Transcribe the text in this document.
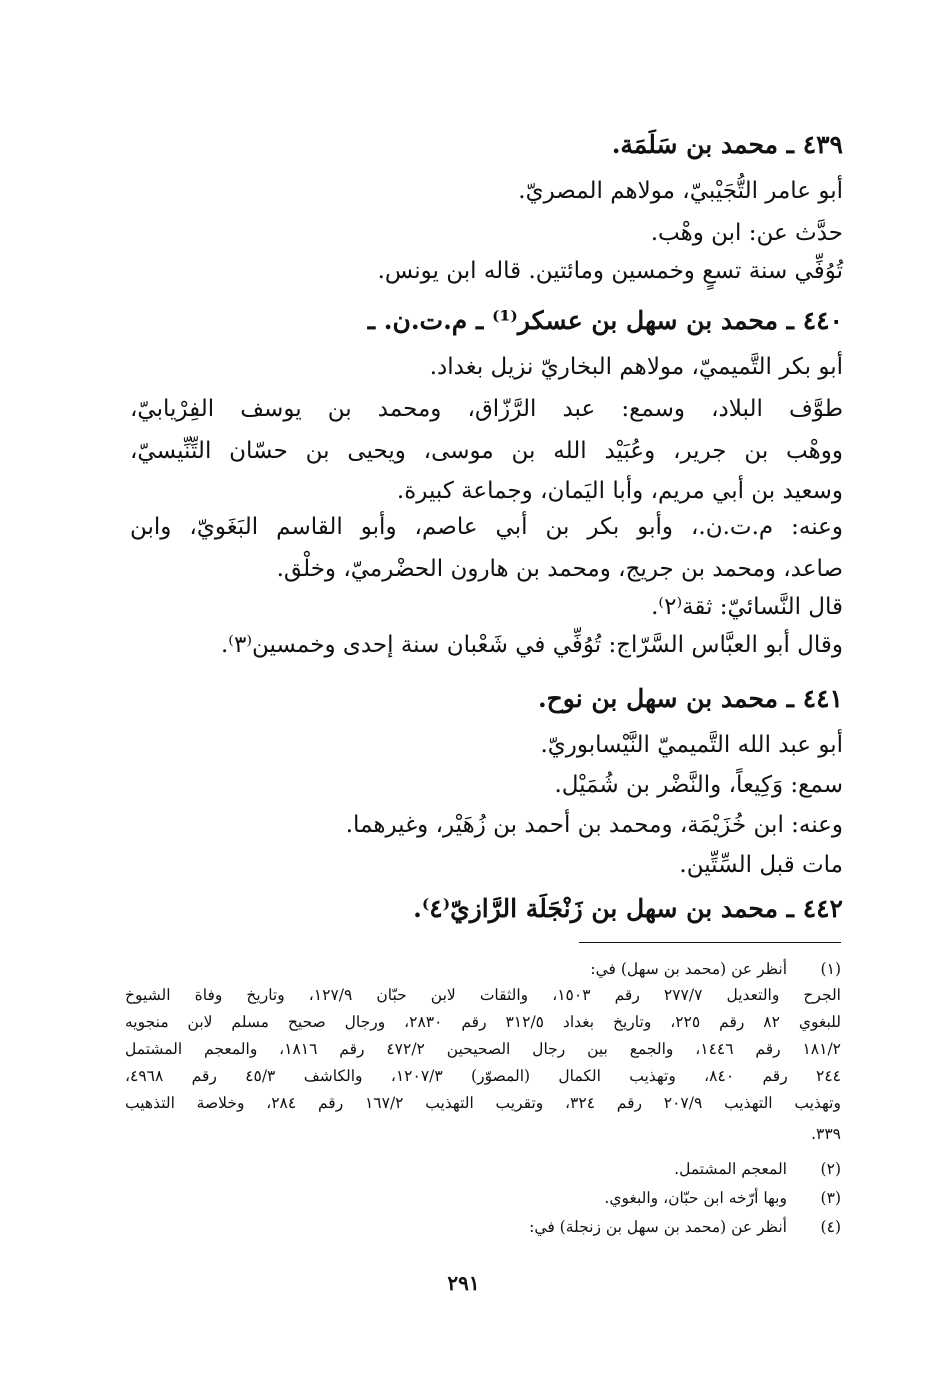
٤٣٩ ـ محمد بن سَلَمَة.
أبو عامر التُّجَيْبيّ، مولاهم المصريّ.
حدَّث عن: ابن وهْب.
تُوُفِّي سنة تسعٍ وخمسين ومائتين. قاله ابن يونس.
٤٤٠ ـ محمد بن سهل بن عسكر⁽¹⁾ ـ م.ت.ن. ـ
أبو بكر التَّميميّ، مولاهم البخاريّ نزيل بغداد.
طوَّف البلاد، وسمع: عبد الرَّزّاق، ومحمد بن يوسف الفِرْيابيّ،
ووهْب بن جرير، وعُبَيْد الله بن موسى، ويحيى بن حسّان التِّنِّيسيّ،
وسعيد بن أبي مريم، وأبا اليَمان، وجماعة كبيرة.
وعنه: م.ت.ن.، وأبو بكر بن أبي عاصم، وأبو القاسم البَغَويّ، وابن
صاعد، ومحمد بن جريج، ومحمد بن هارون الحضْرميّ، وخلْق.
قال النَّسائيّ: ثقة⁽٢⁾.
وقال أبو العبَّاس السَّرّاج: تُوُفِّي في شَعْبان سنة إحدى وخمسين⁽٣⁾.
٤٤١ ـ محمد بن سهل بن نوح.
أبو عبد الله التَّميميّ النَّيْسابوريّ.
سمع: وَكِيعاً، والنَّضْر بن شُمَيْل.
وعنه: ابن خُزَيْمَة، ومحمد بن أحمد بن زُهَيْر، وغيرهما.
مات قبل السِّتِّين.
٤٤٢ ـ محمد بن سهل بن زَنْجَلَة الرَّازيّ⁽٤⁾.
(١)
أنظر عن (محمد بن سهل) في:
الجرح والتعديل ٢٧٧/٧ رقم ١٥٠٣، والثقات لابن حبّان ١٢٧/٩، وتاريخ وفاة الشيوخ
للبغوي ٨٢ رقم ٢٢٥، وتاريخ بغداد ٣١٢/٥ رقم ٢٨٣٠، ورجال صحيح مسلم لابن منجويه
١٨١/٢ رقم ١٤٤٦، والجمع بين رجال الصحيحين ٤٧٢/٢ رقم ١٨١٦، والمعجم المشتمل
٢٤٤ رقم ٨٤٠، وتهذيب الكمال (المصوّر) ١٢٠٧/٣، والكاشف ٤٥/٣ رقم ٤٩٦٨،
وتهذيب التهذيب ٢٠٧/٩ رقم ٣٢٤، وتقريب التهذيب ١٦٧/٢ رقم ٢٨٤، وخلاصة التذهيب
٣٣٩.
(٢)
المعجم المشتمل.
(٣)
وبها أرّخه ابن حبّان، والبغوي.
(٤)
أنظر عن (محمد بن سهل بن زنجلة) في:
٢٩١
